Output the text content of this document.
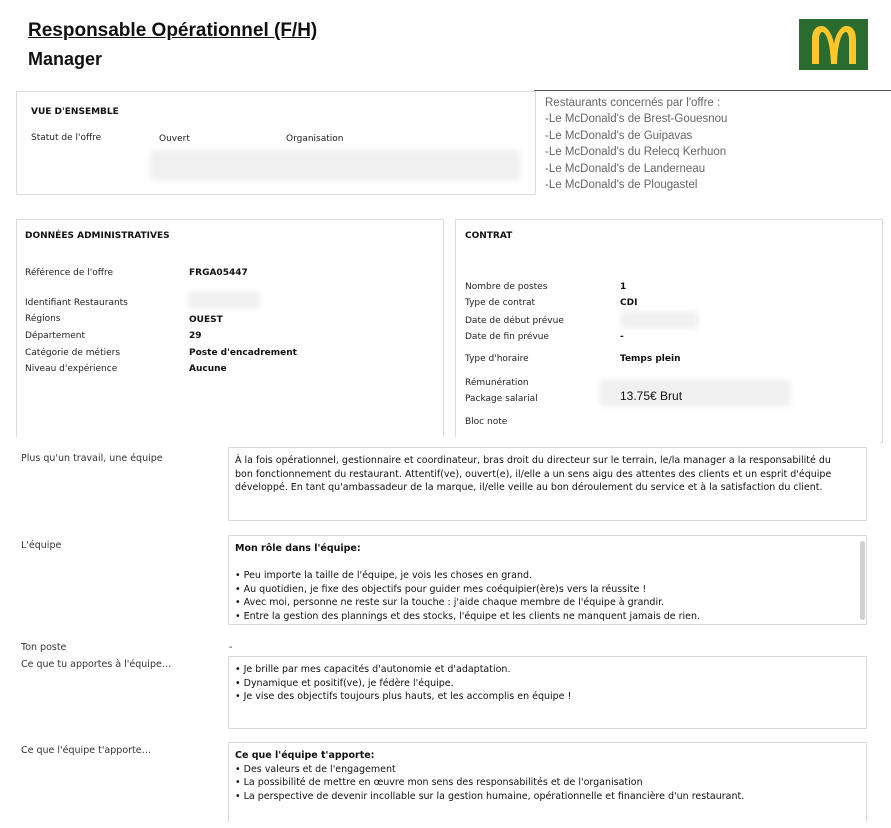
Responsable Opérationnel (F/H)
Manager
VUE D'ENSEMBLE
Statut de l'offre	Ouvert	Organisation
Restaurants concernés par l'offre :
-Le McDonald's de Brest-Gouesnou
-Le McDonald's de Guipavas
-Le McDonald's du Relecq Kerhuon
-Le McDonald's de Landerneau
-Le McDonald's de Plougastel
DONNÉES ADMINISTRATIVES
Référence de l'offre	FRGA05447
Identifiant Restaurants
Régions	OUEST
Département	29
Catégorie de métiers	Poste d'encadrement
Niveau d'expérience	Aucune
CONTRAT
Nombre de postes	1
Type de contrat	CDI
Date de début prévue
Date de fin prévue	-
Type d'horaire	Temps plein
Rémunération
Package salarial	13.75€ Brut
Bloc note
Plus qu'un travail, une équipe	À la fois opérationnel, gestionnaire et coordinateur, bras droit du directeur sur le terrain, le/la manager a la responsabilité du
bon fonctionnement du restaurant. Attentif(ve), ouvert(e), il/elle a un sens aigu des attentes des clients et un esprit d'équipe
développé. En tant qu'ambassadeur de la marque, il/elle veille au bon déroulement du service et à la satisfaction du client.
L'équipe	Mon rôle dans l'équipe:
• Peu importe la taille de l'équipe, je vois les choses en grand.
• Au quotidien, je fixe des objectifs pour guider mes coéquipier(ère)s vers la réussite !
• Avec moi, personne ne reste sur la touche : j'aide chaque membre de l'équipe à grandir.
• Entre la gestion des plannings et des stocks, l'équipe et les clients ne manquent jamais de rien.
Ton poste	-
Ce que tu apportes à l'équipe…	• Je brille par mes capacités d'autonomie et d'adaptation.
• Dynamique et positif(ve), je fédère l'équipe.
• Je vise des objectifs toujours plus hauts, et les accomplis en équipe !
Ce que l'équipe t'apporte…	Ce que l'équipe t'apporte:
• Des valeurs et de l'engagement
• La possibilité de mettre en œuvre mon sens des responsabilités et de l'organisation
• La perspective de devenir incollable sur la gestion humaine, opérationnelle et financière d'un restaurant.
